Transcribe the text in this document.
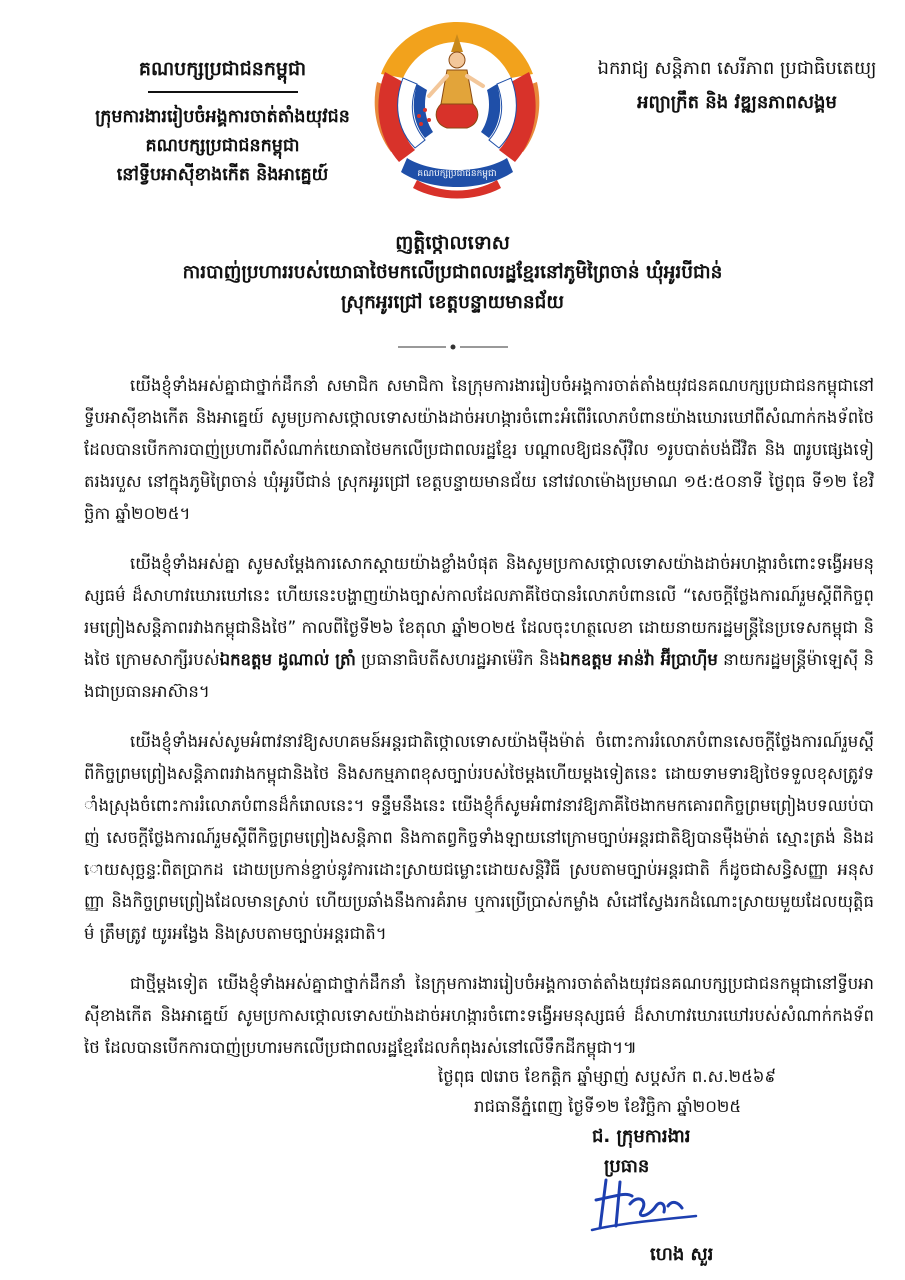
គណបក្សប្រជាជនកម្ពុជា
ក្រុមការងាររៀបចំអង្គការចាត់តាំងយុវជន
គណបក្សប្រជាជនកម្ពុជា
នៅទ្វីបអាស៊ីខាងកើត និងអាគ្នេយ៍	គណបក្សប្រជាជនកម្ពុជា
ឯករាជ្យ សន្តិភាព សេរីភាព ប្រជាធិបតេយ្យ
អព្យាក្រឹត និង វឌ្ឍនភាពសង្គម
ញត្តិថ្កោលទោស
ការបាញ់ប្រហាររបស់យោធាថៃមកលើប្រជាពលរដ្ឋខ្មែរនៅភូមិព្រៃចាន់ ឃុំអូរបីជាន់
ស្រុកអូរជ្រៅ ខេត្តបន្ទាយមានជ័យ

យើងខ្ញុំទាំងអស់គ្នាជាថ្នាក់ដឹកនាំ សមាជិក សមាជិកា នៃក្រុមការងាររៀបចំអង្គការចាត់តាំងយុវជនគណបក្សប្រជាជនកម្ពុជានៅទ្វីបអាស៊ីខាងកើត និងអាគ្នេយ៍ សូមប្រកាសថ្កោលទោសយ៉ាងដាច់អហង្ការចំពោះអំពើរំលោភបំពានយ៉ាងឃោរឃៅពីសំណាក់កងទ័ពថៃ ដែលបានបើកការបាញ់ប្រហារពីសំណាក់យោធាថៃមកលើប្រជាពលរដ្ឋខ្មែរ បណ្តាលឱ្យជនស៊ីវិល ១រូបបាត់បង់ជីវិត និង ៣រូបផ្សេងទៀតរងរបួស នៅក្នុងភូមិព្រៃចាន់ ឃុំអូរបីជាន់ ស្រុកអូរជ្រៅ ខេត្តបន្ទាយមានជ័យ នៅវេលាម៉ោងប្រមាណ ១៥:៥០នាទី ថ្ងៃពុធ ទី១២ ខែវិច្ឆិកា ឆ្នាំ២០២៥។

យើងខ្ញុំទាំងអស់គ្នា សូមសម្តែងការសោកស្តាយយ៉ាងខ្លាំងបំផុត និងសូមប្រកាសថ្កោលទោសយ៉ាងដាច់អហង្ការចំពោះទង្វើអមនុស្សធម៌ ដ៏សាហាវឃោរឃៅនេះ ហើយនេះបង្ហាញយ៉ាងច្បាស់កាលដែលភាគីថៃបានរំលោភបំពានលើ “សេចក្តីថ្លែងការណ៍រួមស្តីពីកិច្ចព្រមព្រៀងសន្តិភាពរវាងកម្ពុជានិងថៃ” កាលពីថ្ងៃទី២៦ ខែតុលា ឆ្នាំ២០២៥ ដែលចុះហត្ថលេខា ដោយនាយករដ្ឋមន្រ្តីនៃប្រទេសកម្ពុជា និងថៃ ក្រោមសាក្សីរបស់ឯកឧត្តម ដូណាល់ ត្រាំ ប្រធានាធិបតីសហរដ្ឋអាម៉េរិក និងឯកឧត្តម អាន់វ៉ា អ៊ីប្រាហ៊ីម នាយករដ្ឋមន្ត្រីម៉ាឡេស៊ី និងជាប្រធានអាស៊ាន។

យើងខ្ញុំទាំងអស់សូមអំពាវនាវឱ្យសហគមន៍អន្តរជាតិថ្កោលទោសយ៉ាងម៉ឺងម៉ាត់ ចំពោះការរំលោភបំពានសេចក្តីថ្លែងការណ៍រួមស្តីពីកិច្ចព្រមព្រៀងសន្តិភាពរវាងកម្ពុជានិងថៃ និងសកម្មភាពខុសច្បាប់របស់ថៃម្តងហើយម្តងទៀតនេះ ដោយទាមទារឱ្យថៃទទួលខុសត្រូវទាំងស្រុងចំពោះការរំលោភបំពានដ៏កំរោលនេះ។ ទន្ទឹមនឹងនេះ យើងខ្ញុំក៏សូមអំពាវនាវឱ្យភាគីថៃងាកមកគោរពកិច្ចព្រមព្រៀងបទឈប់បាញ់ សេចក្តីថ្លែងការណ៍រួមស្តីពីកិច្ចព្រមព្រៀងសន្តិភាព និងកាតព្វកិច្ចទាំងឡាយនៅក្រោមច្បាប់អន្តរជាតិឱ្យបានម៉ឺងម៉ាត់ ស្មោះត្រង់ និងដោយសុច្ឆន្ទៈពិតប្រាកដ ដោយប្រកាន់ខ្ជាប់នូវការដោះស្រាយជម្លោះដោយសន្តិវិធី ស្របតាមច្បាប់អន្តរជាតិ ក៏ដូចជាសន្ធិសញ្ញា អនុសញ្ញា និងកិច្ចព្រមព្រៀងដែលមានស្រាប់ ហើយប្រឆាំងនឹងការគំរាម ឬការប្រើប្រាស់កម្លាំង សំដៅស្វែងរកដំណោះស្រាយមួយដែលយុត្តិធម៌ ត្រឹមត្រូវ យូរអង្វែង និងស្របតាមច្បាប់អន្តរជាតិ។

ជាថ្មីម្តងទៀត យើងខ្ញុំទាំងអស់គ្នាជាថ្នាក់ដឹកនាំ នៃក្រុមការងាររៀបចំអង្គការចាត់តាំងយុវជនគណបក្សប្រជាជនកម្ពុជានៅទ្វីបអាស៊ីខាងកើត និងអាគ្នេយ៍ សូមប្រកាសថ្កោលទោសយ៉ាងដាច់អហង្ការចំពោះទង្វើអមនុស្សធម៌ ដ៏សាហាវឃោរឃៅរបស់សំណាក់កងទ័ពថៃ ដែលបានបើកការបាញ់ប្រហារមកលើប្រជាពលរដ្ឋខ្មែរដែលកំពុងរស់នៅលើទឹកដីកម្ពុជា។៕

ថ្ងៃពុធ ៧រោច ខែកត្តិក ឆ្នាំម្សាញ់ សប្តស័ក ព.ស.២៥៦៩
រាជធានីភ្នំពេញ ថ្ងៃទី១២ ខែវិច្ឆិកា ឆ្នាំ២០២៥
ជ. ក្រុមការងារ
ប្រធាន
ហេង សួរ
